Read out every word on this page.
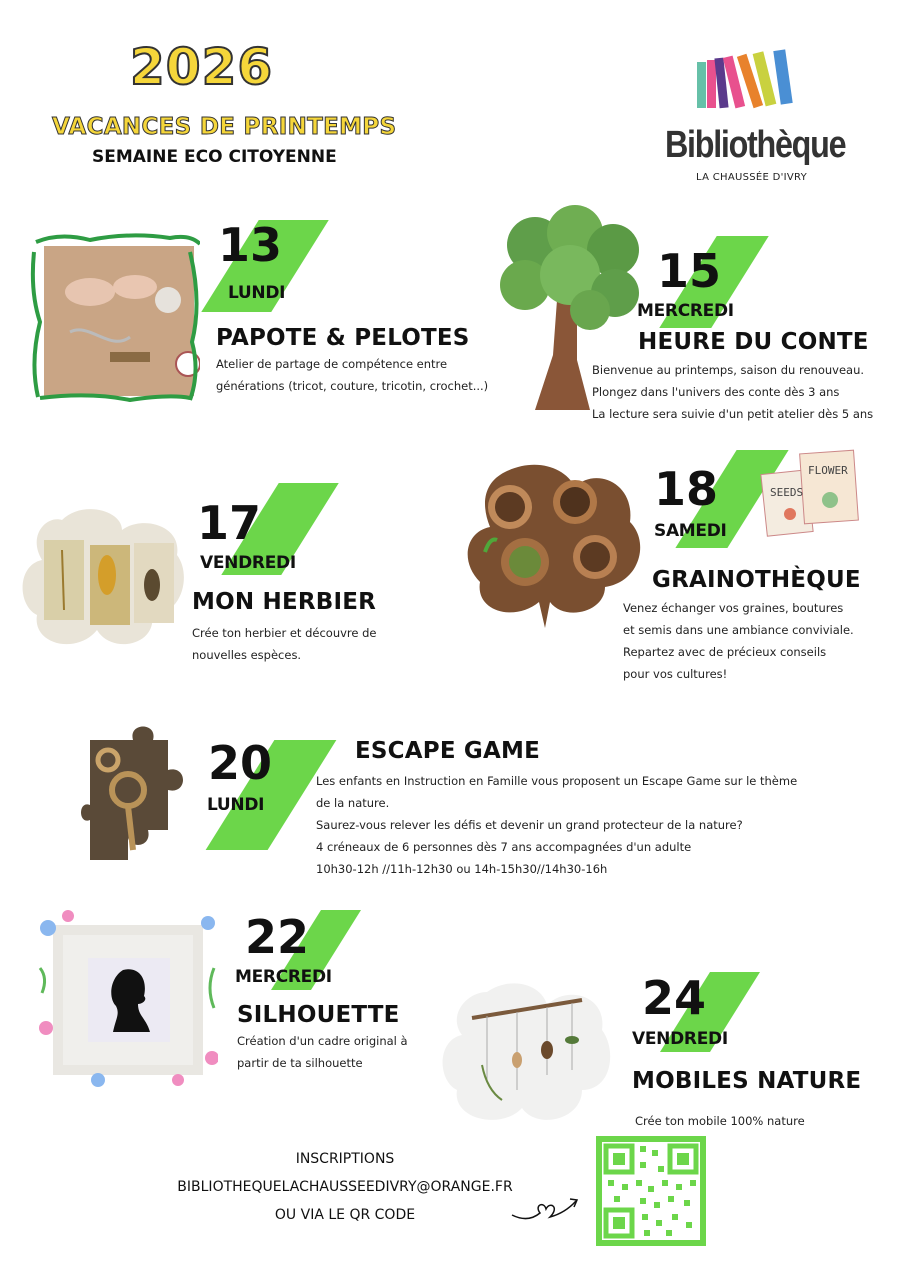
2026
VACANCES DE PRINTEMPS
SEMAINE ECO CITOYENNE	Bibliothèque
LA CHAUSSÉE D'IVRY
13
LUNDI
PAPOTE & PELOTES
Atelier de partage de compétence entre
générations (tricot, couture, tricotin, crochet...)
15
MERCREDI
HEURE DU CONTE
Bienvenue au printemps, saison du renouveau.
Plongez dans l'univers des conte dès 3 ans
La lecture sera suivie d'un petit atelier dès 5 ans
17
VENDREDI
MON HERBIER
Crée ton herbier et découvre de
nouvelles espèces.
18
SAMEDI
SEEDS
FLOWER
GRAINOTHÈQUE
Venez échanger vos graines, boutures
et semis dans une ambiance conviviale.
Repartez avec de précieux conseils
pour vos cultures!
20
LUNDI
ESCAPE GAME
Les enfants en Instruction en Famille vous proposent un Escape Game sur le thème
de la nature.
Saurez-vous relever les défis et devenir un grand protecteur de la nature?
4 créneaux de 6 personnes dès 7 ans accompagnées d'un adulte
10h30-12h //11h-12h30 ou 14h-15h30//14h30-16h
22
MERCREDI
SILHOUETTE
Création d'un cadre original à
partir de ta silhouette
24
VENDREDI
MOBILES NATURE
Crée ton mobile 100% nature
INSCRIPTIONS
BIBLIOTHEQUELACHAUSSEEDIVRY@ORANGE.FR
OU VIA LE QR CODE
